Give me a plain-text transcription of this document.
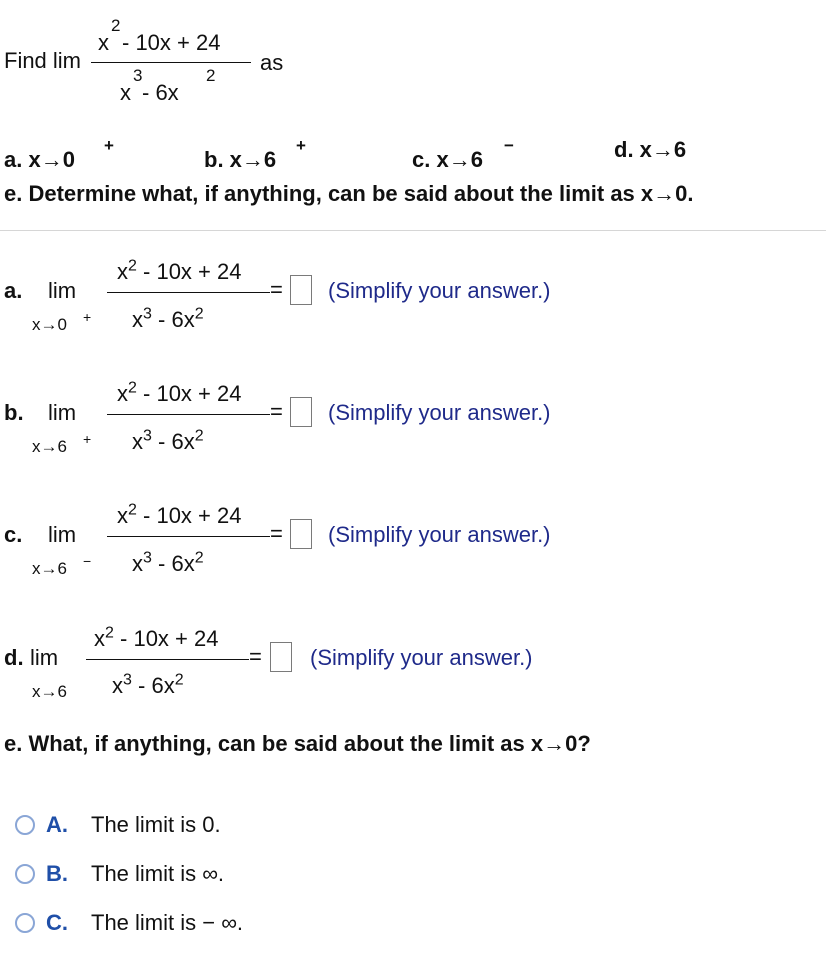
Find lim
x
2
- 10x + 24
x
3
- 6x
2
as
a. x→0
+
b. x→6
+
c. x→6
−	d. x→6
e. Determine what, if anything, can be said about the limit as x→0.
a. lim
x→0 +
$x^2 - 10x + 24$
$x^3 - 6x^2$
= (Simplify your answer.)
b. lim
x→6 +
$x^2 - 10x + 24$
$x^3 - 6x^2$
= (Simplify your answer.)
c. lim
x→6 −
$x^2 - 10x + 24$
$x^3 - 6x^2$
= (Simplify your answer.)
d. lim
x→6
$x^2 - 10x + 24$
$x^3 - 6x^2$
= (Simplify your answer.)
e. What, if anything, can be said about the limit as x→0?
A. The limit is 0.
B. The limit is ∞.
C. The limit is − ∞.
